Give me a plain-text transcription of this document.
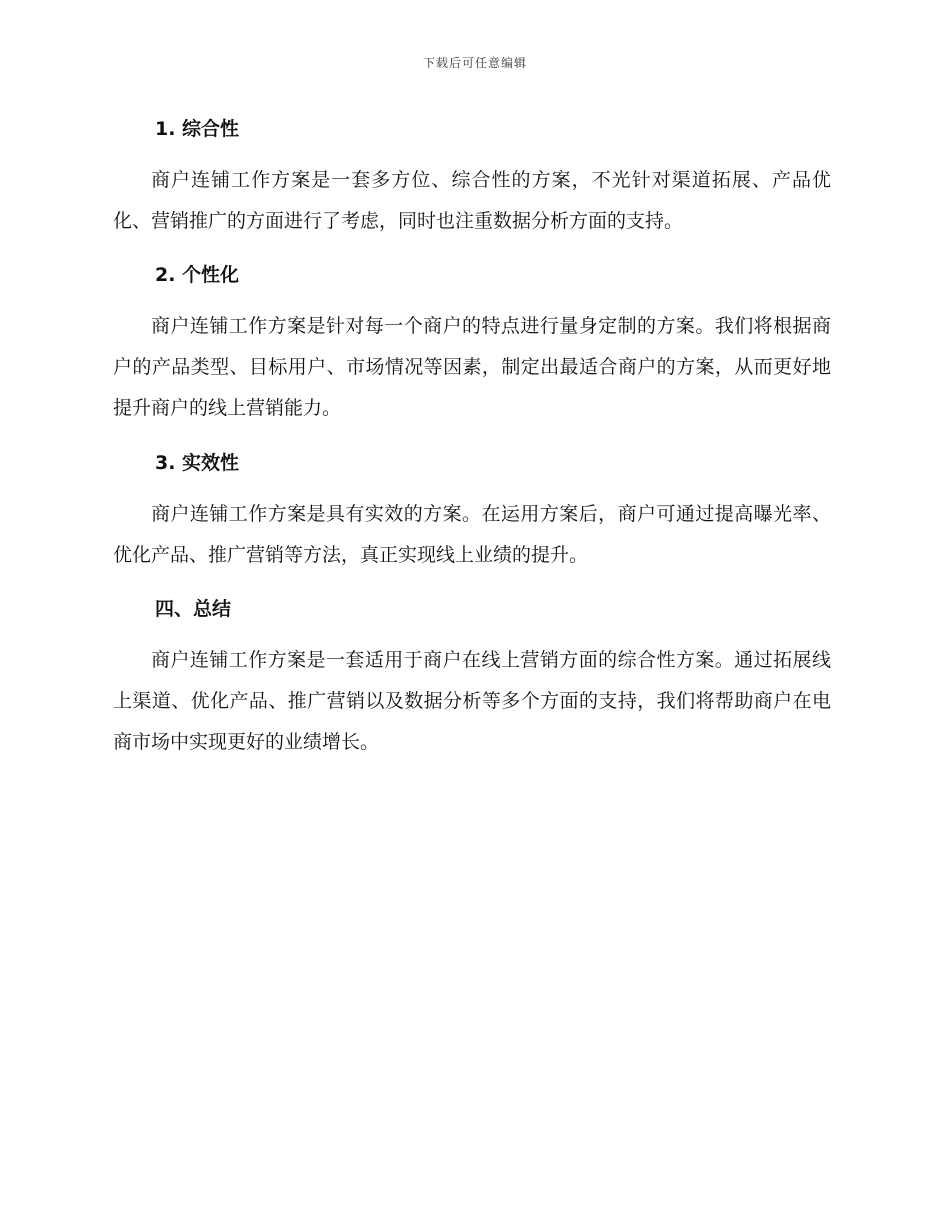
下载后可任意编辑
1. 综合性

商户连铺工作方案是一套多方位、综合性的方案，不光针对渠道拓展、产品优化、营销推广的方面进行了考虑，同时也注重数据分析方面的支持。

2. 个性化

商户连铺工作方案是针对每一个商户的特点进行量身定制的方案。我们将根据商户的产品类型、目标用户、市场情况等因素，制定出最适合商户的方案，从而更好地提升商户的线上营销能力。

3. 实效性

商户连铺工作方案是具有实效的方案。在运用方案后，商户可通过提高曝光率、优化产品、推广营销等方法，真正实现线上业绩的提升。

四、总结

商户连铺工作方案是一套适用于商户在线上营销方面的综合性方案。通过拓展线上渠道、优化产品、推广营销以及数据分析等多个方面的支持，我们将帮助商户在电商市场中实现更好的业绩增长。
